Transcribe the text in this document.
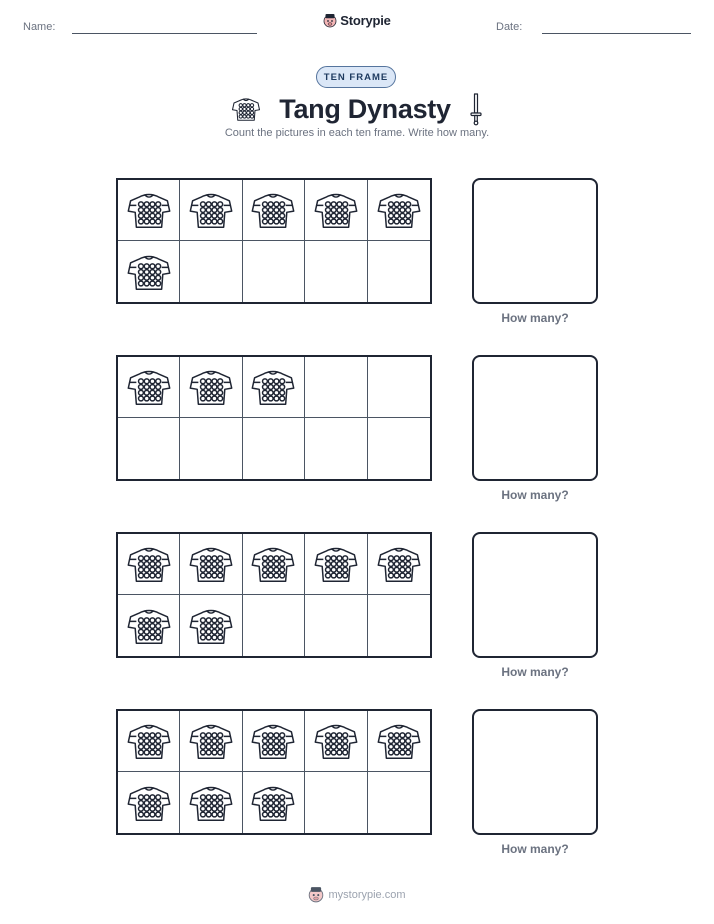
Name:	Storypie	Date:
TEN FRAME
Tang Dynasty
Count the pictures in each ten frame. Write how many.
How many?
How many?
How many?
How many?
mystorypie.com
